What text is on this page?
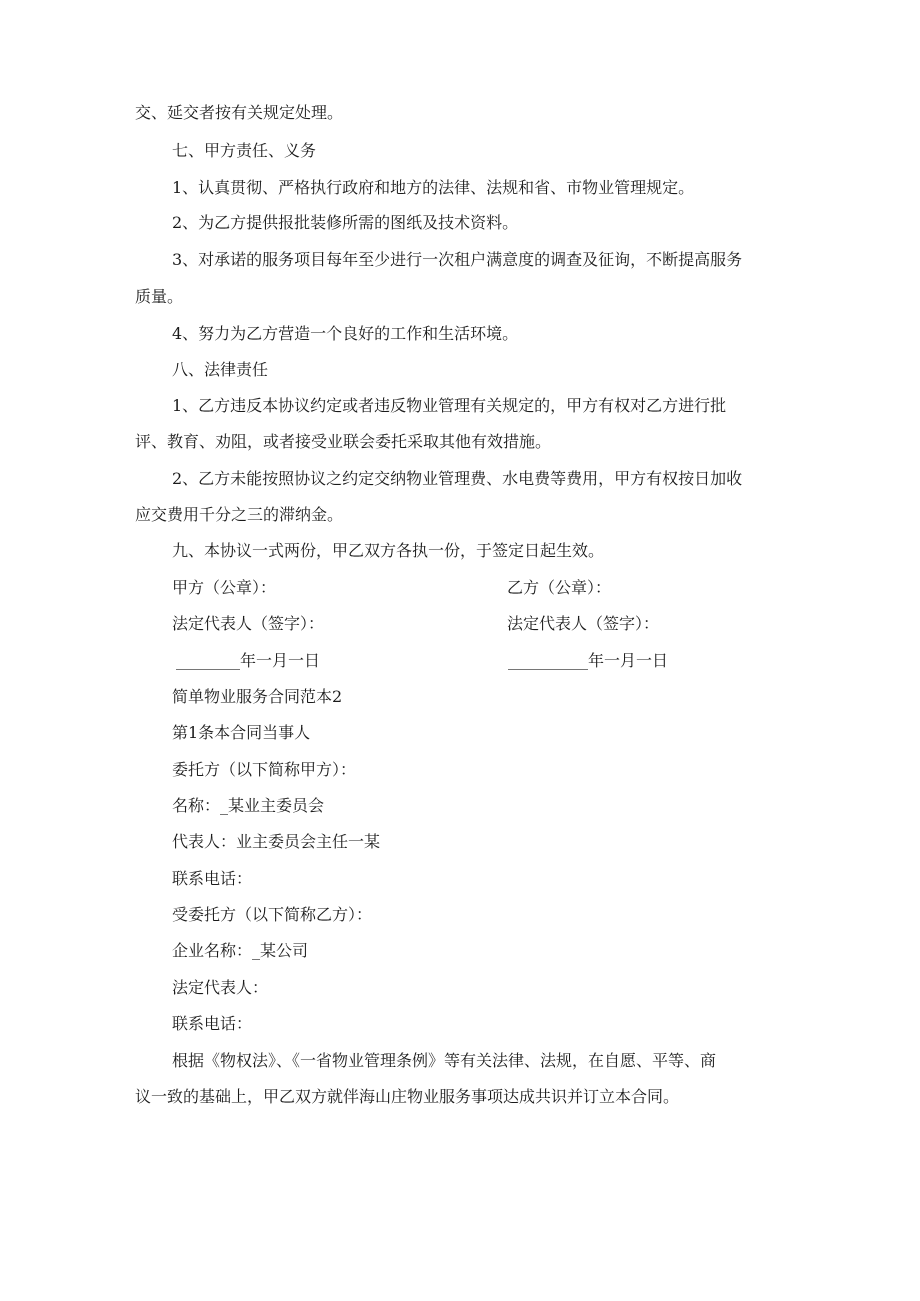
交、延交者按有关规定处理。
七、甲方责任、义务
1、认真贯彻、严格执行政府和地方的法律、法规和省、市物业管理规定。
2、为乙方提供报批装修所需的图纸及技术资料。
3、对承诺的服务项目每年至少进行一次租户满意度的调查及征询，不断提高服务
质量。
4、努力为乙方营造一个良好的工作和生活环境。
八、法律责任
1、乙方违反本协议约定或者违反物业管理有关规定的，甲方有权对乙方进行批
评、教育、劝阻，或者接受业联会委托采取其他有效措施。
2、乙方未能按照协议之约定交纳物业管理费、水电费等费用，甲方有权按日加收
应交费用千分之三的滞纳金。
九、本协议一式两份，甲乙双方各执一份，于签定日起生效。
甲方（公章）：	乙方（公章）：
法定代表人（签字）：	法定代表人（签字）：
________年一月一日	__________年一月一日
简单物业服务合同范本2
第1条本合同当事人
委托方（以下简称甲方）：
名称：_某业主委员会
代表人：业主委员会主任一某
联系电话：
受委托方（以下简称乙方）：
企业名称：_某公司
法定代表人：
联系电话：
根据《物权法》、《一省物业管理条例》等有关法律、法规，在自愿、平等、商
议一致的基础上，甲乙双方就伴海山庄物业服务事项达成共识并订立本合同。
